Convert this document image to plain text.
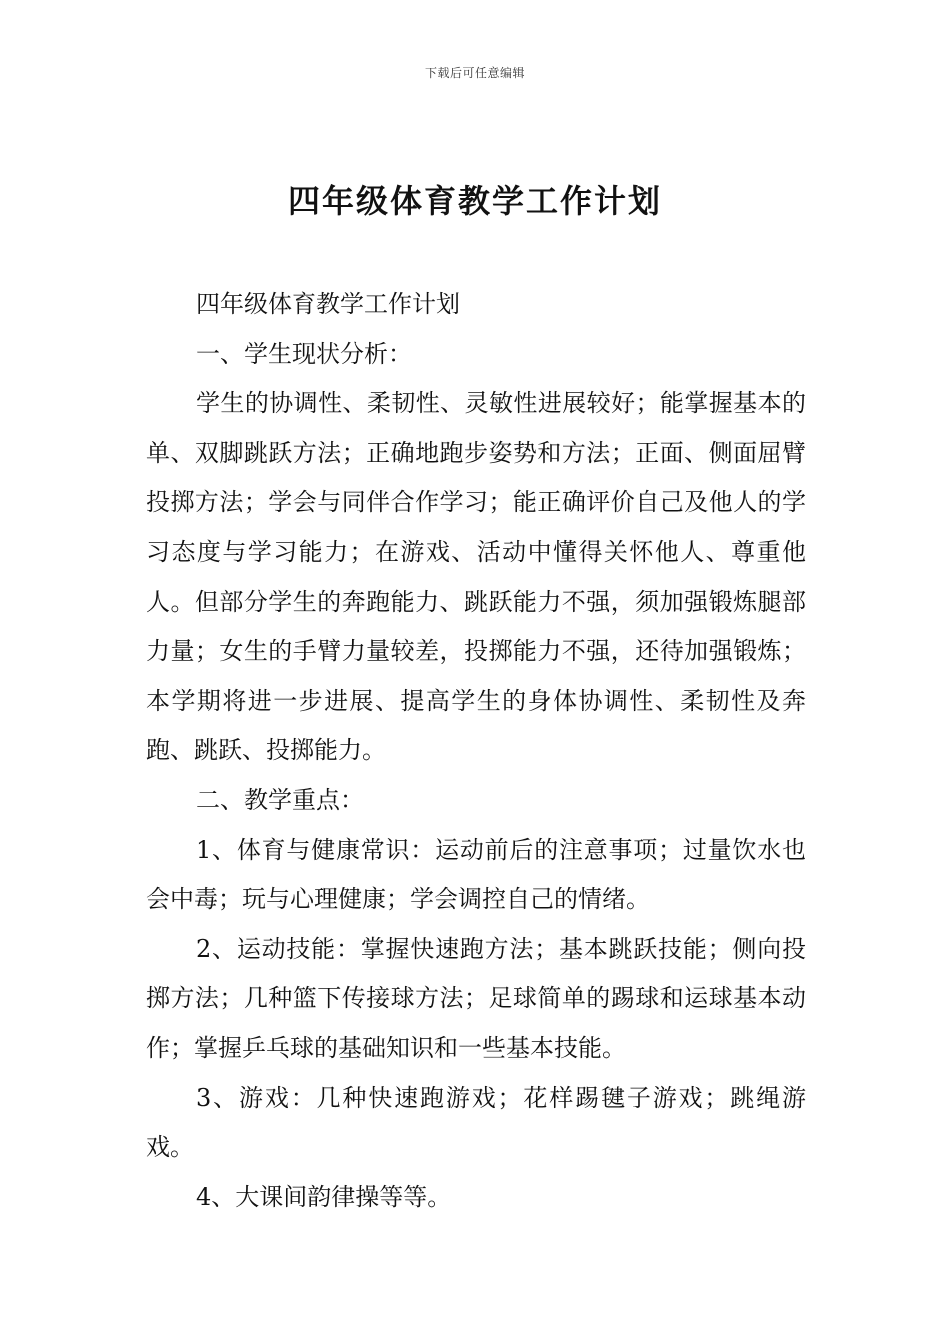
下载后可任意编辑
四年级体育教学工作计划

四年级体育教学工作计划

一、学生现状分析：

学生的协调性、柔韧性、灵敏性进展较好；能掌握基本的单、双脚跳跃方法；正确地跑步姿势和方法；正面、侧面屈臂投掷方法；学会与同伴合作学习；能正确评价自己及他人的学习态度与学习能力；在游戏、活动中懂得关怀他人、尊重他人。但部分学生的奔跑能力、跳跃能力不强，须加强锻炼腿部力量；女生的手臂力量较差，投掷能力不强，还待加强锻炼；本学期将进一步进展、提高学生的身体协调性、柔韧性及奔跑、跳跃、投掷能力。

二、教学重点：

1、体育与健康常识：运动前后的注意事项；过量饮水也会中毒；玩与心理健康；学会调控自己的情绪。

2、运动技能：掌握快速跑方法；基本跳跃技能；侧向投掷方法；几种篮下传接球方法；足球简单的踢球和运球基本动作；掌握乒乓球的基础知识和一些基本技能。

3、游戏：几种快速跑游戏；花样踢毽子游戏；跳绳游戏。

4、大课间韵律操等等。
